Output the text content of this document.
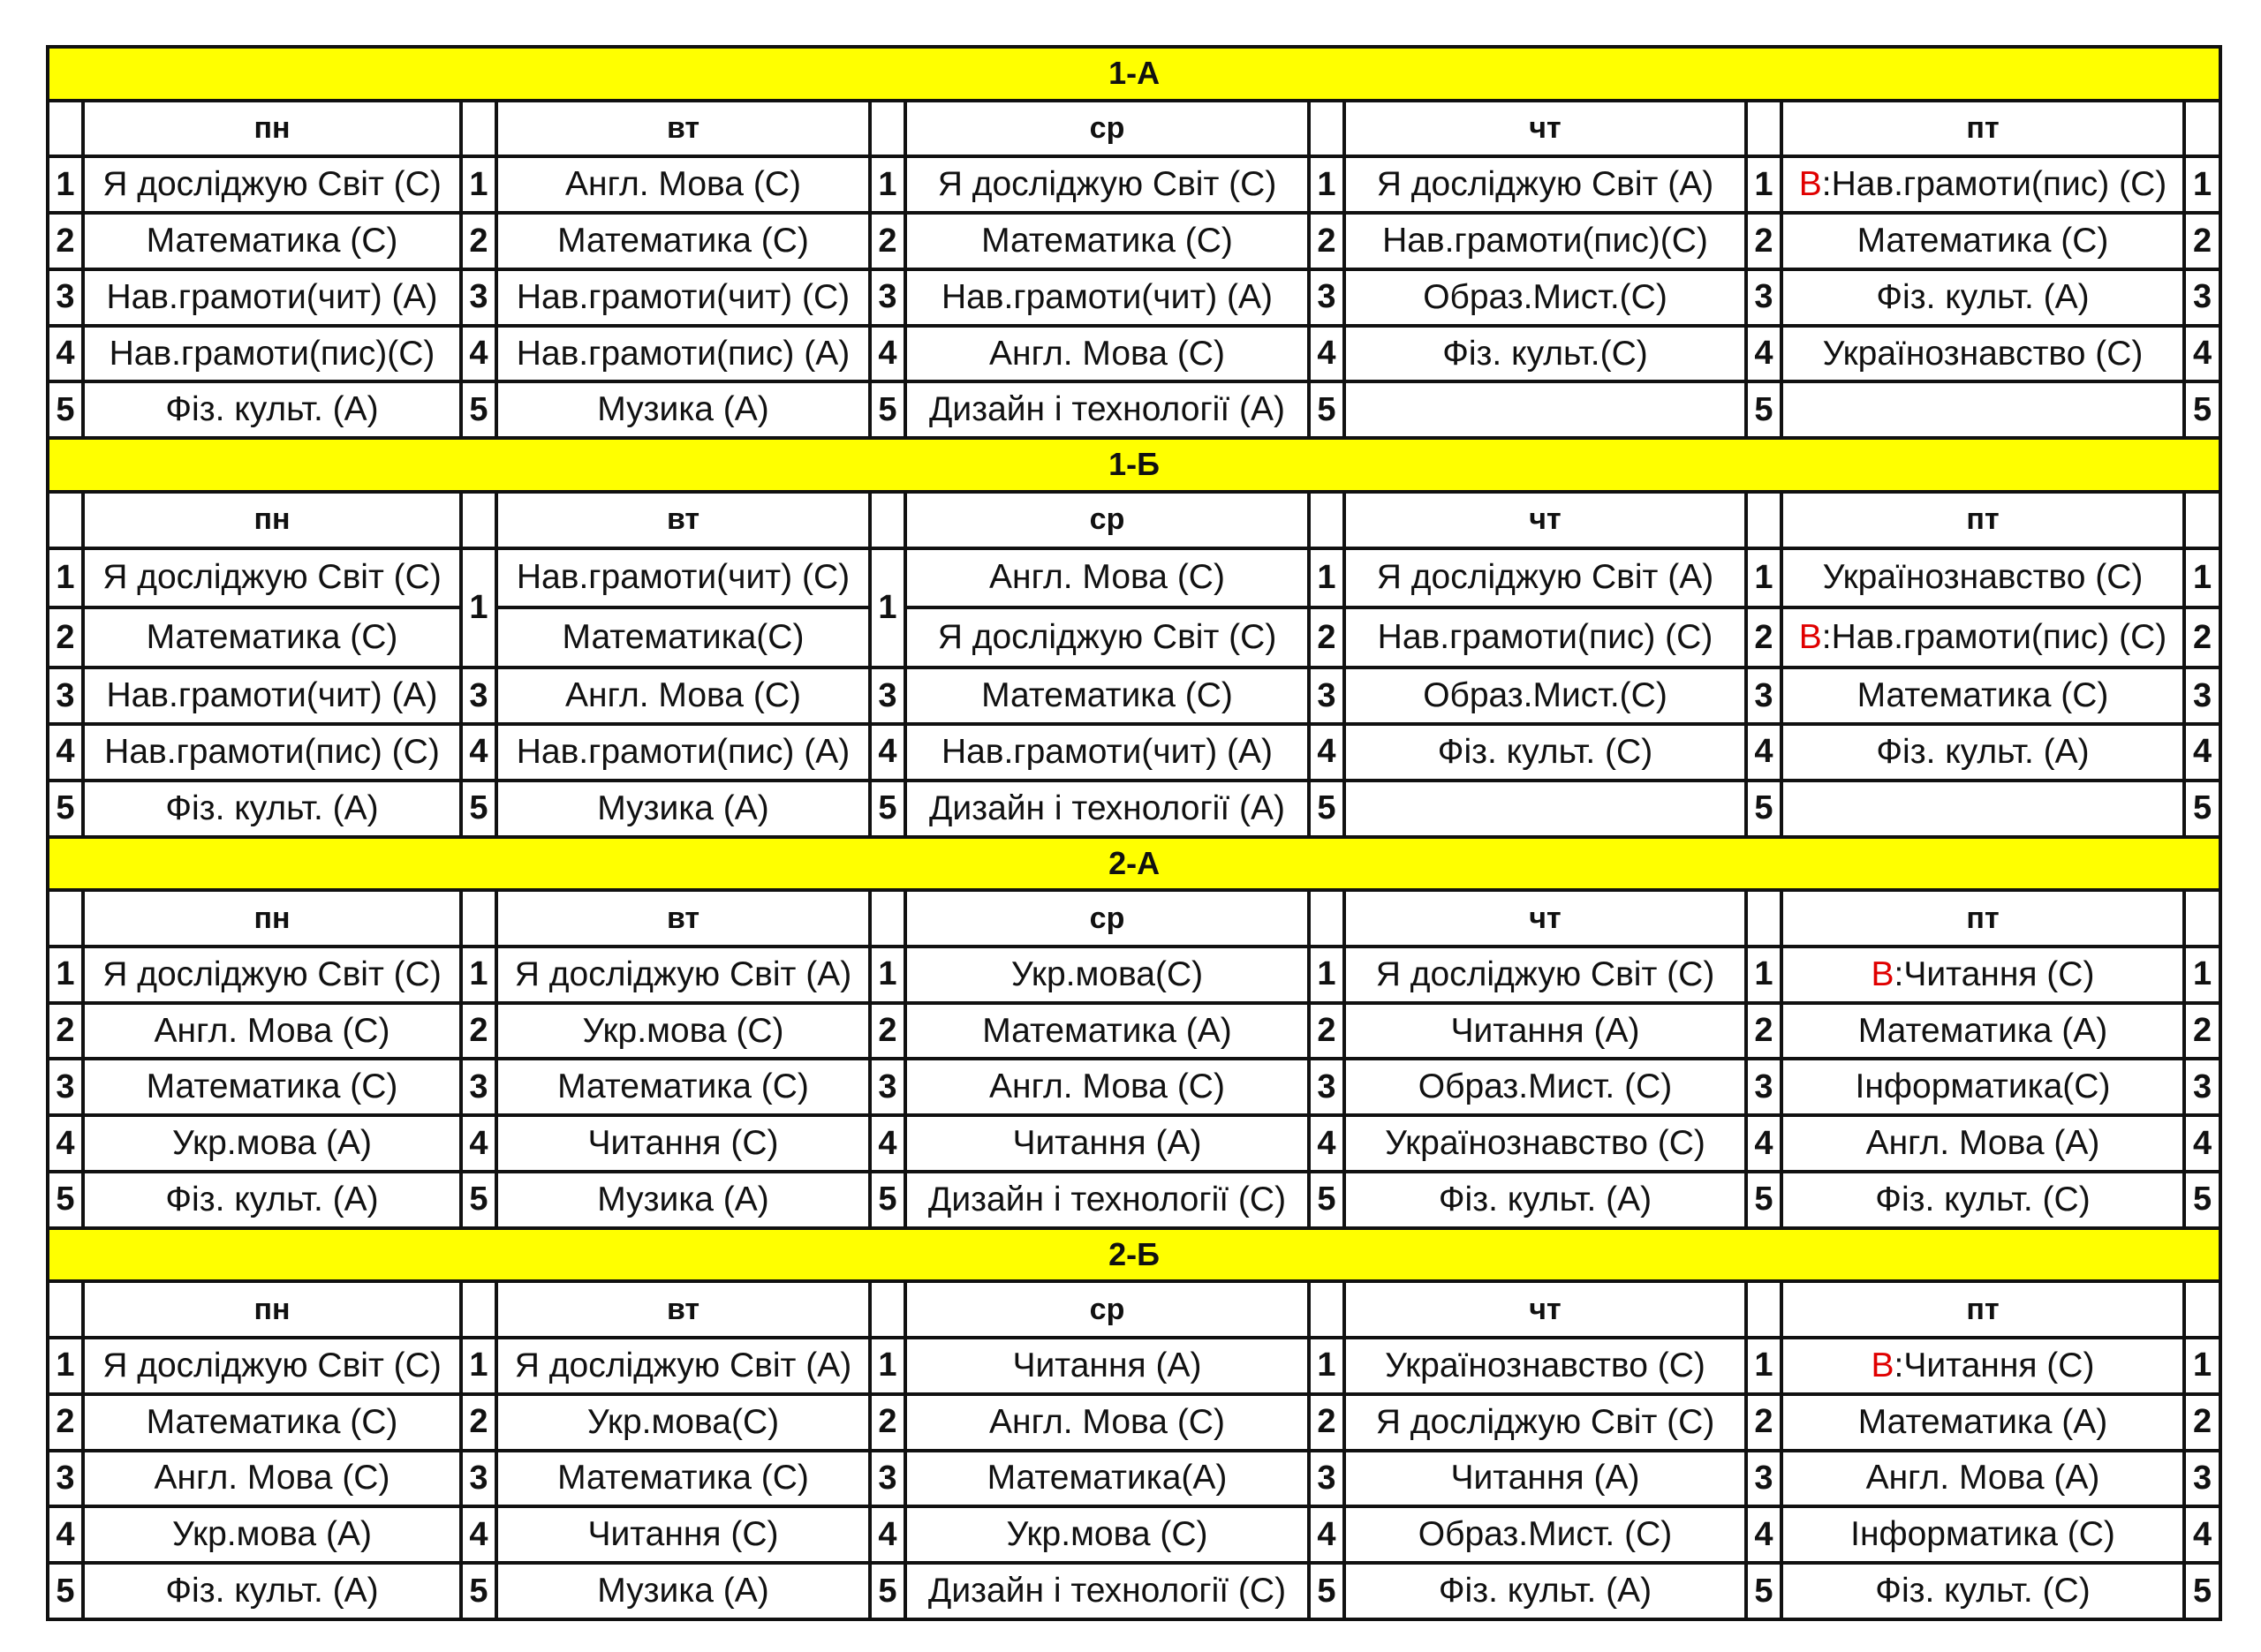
1-А										
	пн		вт		ср		чт		пт	
1	Я досліджую Світ (С)	1	Англ. Мова (С)	1	Я досліджую Світ (С)	1	Я досліджую Світ (А)	1	В:Нав.грамоти(пис) (С)	1
2	Математика (С)	2	Математика (С)	2	Математика (С)	2	Нав.грамоти(пис)(С)	2	Математика (С)	2
3	Нав.грамоти(чит) (А)	3	Нав.грамоти(чит) (С)	3	Нав.грамоти(чит) (А)	3	Образ.Мист.(С)	3	Фіз. культ. (А)	3
4	Нав.грамоти(пис)(С)	4	Нав.грамоти(пис) (А)	4	Англ. Мова (С)	4	Фіз. культ.(С)	4	Українознавство (С)	4
5	Фіз. культ. (А)	5	Музика (А)	5	Дизайн і технології (А)	5		5		5
1-Б										
	пн		вт		ср		чт		пт	
1	Я досліджую Світ (С)	1	Нав.грамоти(чит) (С)	1	Англ. Мова (С)	1	Я досліджую Світ (А)	1	Українознавство (С)	1

2	Математика (С)		Математика(С)		Я досліджую Світ (С)	2	Нав.грамоти(пис) (С)	2	В:Нав.грамоти(пис) (С)	2

3	Нав.грамоти(чит) (А)	3	Англ. Мова (С)	3	Математика (С)	3	Образ.Мист.(С)	3	Математика (С)	3
4	Нав.грамоти(пис) (С)	4	Нав.грамоти(пис) (А)	4	Нав.грамоти(чит) (А)	4	Фіз. культ. (С)	4	Фіз. культ. (А)	4
5	Фіз. культ. (А)	5	Музика (А)	5	Дизайн і технології (А)	5		5		5
2-А										
	пн		вт		ср		чт		пт	
1	Я досліджую Світ (С)	1	Я досліджую Світ (А)	1	Укр.мова(С)	1	Я досліджую Світ (С)	1	В:Читання (С)	1
2	Англ. Мова (С)	2	Укр.мова (С)	2	Математика (А)	2	Читання (А)	2	Математика (А)	2
3	Математика (С)	3	Математика (С)	3	Англ. Мова (С)	3	Образ.Мист. (С)	3	Інформатика(С)	3
4	Укр.мова (А)	4	Читання (С)	4	Читання (А)	4	Українознавство (С)	4	Англ. Мова (А)	4
5	Фіз. культ. (А)	5	Музика (А)	5	Дизайн і технології (С)	5	Фіз. культ. (А)	5	Фіз. культ. (С)	5
2-Б										
	пн		вт		ср		чт		пт	
1	Я досліджую Світ (С)	1	Я досліджую Світ (А)	1	Читання (А)	1	Українознавство (С)	1	В:Читання (С)	1
2	Математика (С)	2	Укр.мова(С)	2	Англ. Мова (С)	2	Я досліджую Світ (С)	2	Математика (А)	2
3	Англ. Мова (С)	3	Математика (С)	3	Математика(А)	3	Читання (А)	3	Англ. Мова (А)	3
4	Укр.мова (А)	4	Читання (С)	4	Укр.мова (С)	4	Образ.Мист. (С)	4	Інформатика (С)	4
5	Фіз. культ. (А)	5	Музика (А)	5	Дизайн і технології (С)	5	Фіз. культ. (А)	5	Фіз. культ. (С)	5
